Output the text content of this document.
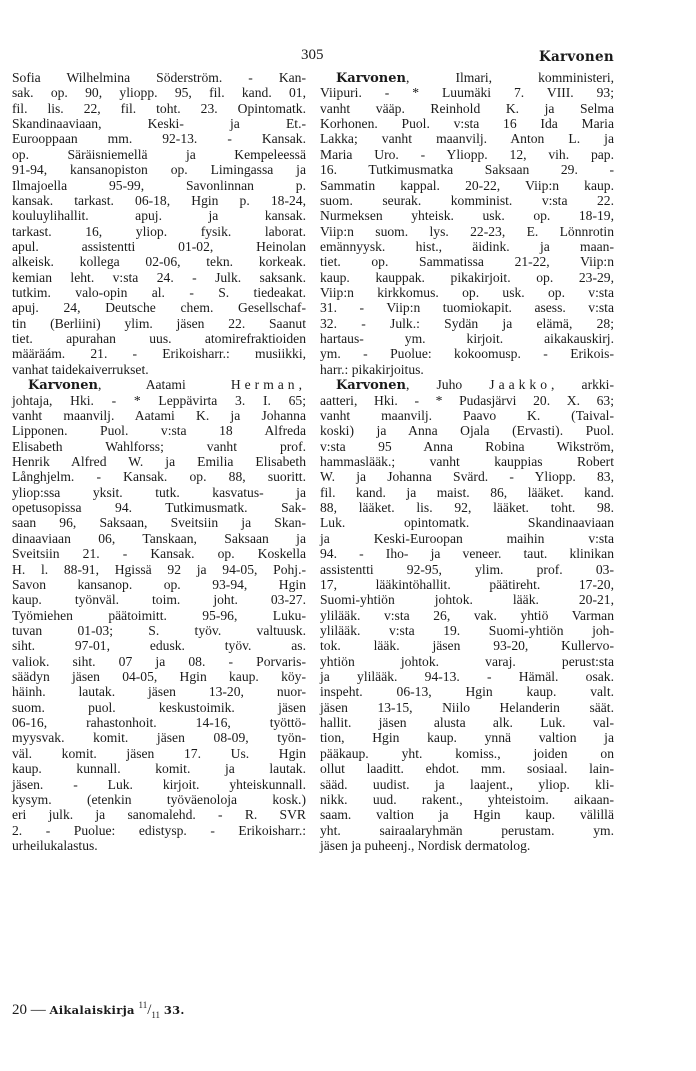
305	Karvonen
Sofia Wilhelmina Söderström. - Kan-
sak. op. 90, yliopp. 95, fil. kand. 01,
fil. lis. 22, fil. toht. 23. Opintomatk.
Skandinaaviaan, Keski- ja Et.-
Eurooppaan mm. 92-13. - Kansak.
op. Säräisniemellä ja Kempeleessä
91-94, kansanopiston op. Limingassa ja
Ilmajoella 95-99, Savonlinnan p.
kansak. tarkast. 06-18, Hgin p. 18-24,
kouluylihallit. apuj. ja kansak.
tarkast. 16, yliop. fysik. laborat.
apul. assistentti 01-02, Heinolan
alkeisk. kollega 02-06, tekn. korkeak.
kemian leht. v:sta 24. - Julk. saksank.
tutkim. valo-opin al. - S. tiedeakat.
apuj. 24, Deutsche chem. Gesellschaf-
tin (Berliini) ylim. jäsen 22. Saanut
tiet. apurahan uus. atomirefraktioiden
määräám. 21. - Erikoisharr.: musiikki,
vanhat taidekaiverrukset.
Karvonen, Aatami Herman,
johtaja, Hki. - * Leppävirta 3. I. 65;
vanht maanvilj. Aatami K. ja Johanna
Lipponen. Puol. v:sta 18 Alfreda
Elisabeth Wahlforss; vanht prof.
Henrik Alfred W. ja Emilia Elisabeth
Långhjelm. - Kansak. op. 88, suoritt.
yliop:ssa yksit. tutk. kasvatus- ja
opetusopissa 94. Tutkimusmatk. Sak-
saan 96, Saksaan, Sveitsiin ja Skan-
dinaaviaan 06, Tanskaan, Saksaan ja
Sveitsiin 21. - Kansak. op. Koskella
H. l. 88-91, Hgissä 92 ja 94-05, Pohj.-
Savon kansanop. op. 93-94, Hgin
kaup. työnväl. toim. joht. 03-27.
Työmiehen päätoimitt. 95-96, Luku-
tuvan 01-03; S. työv. valtuusk.
siht. 97-01, edusk. työv. as.
valiok. siht. 07 ja 08. - Porvaris-
säädyn jäsen 04-05, Hgin kaup. köy-
häinh. lautak. jäsen 13-20, nuor-
suom. puol. keskustoimik. jäsen
06-16, rahastonhoit. 14-16, työttö-
myysvak. komit. jäsen 08-09, työn-
väl. komit. jäsen 17. Us. Hgin
kaup. kunnall. komit. ja lautak.
jäsen. - Luk. kirjoit. yhteiskunnall.
kysym. (etenkin työväenoloja kosk.)
eri julk. ja sanomalehd. - R. SVR
2. - Puolue: edistysp. - Erikoisharr.:
urheilukalastus.
Karvonen, Ilmari, komministeri,
Viipuri. - * Luumäki 7. VIII. 93;
vanht vääp. Reinhold K. ja Selma
Korhonen. Puol. v:sta 16 Ida Maria
Lakka; vanht maanvilj. Anton L. ja
Maria Uro. - Yliopp. 12, vih. pap.
16. Tutkimusmatka Saksaan 29. -
Sammatin kappal. 20-22, Viip:n kaup.
suom. seurak. komminist. v:sta 22.
Nurmeksen yhteisk. usk. op. 18-19,
Viip:n suom. lys. 22-23, E. Lönnrotin
emännyysk. hist., äidink. ja maan-
tiet. op. Sammatissa 21-22, Viip:n
kaup. kauppak. pikakirjoit. op. 23-29,
Viip:n kirkkomus. op. usk. op. v:sta
31. - Viip:n tuomiokapit. asess. v:sta
32. - Julk.: Sydän ja elämä, 28;
hartaus- ym. kirjoit. aikakauskirj.
ym. - Puolue: kokoomusp. - Erikois-
harr.: pikakirjoitus.
Karvonen, Juho Jaakko, arkki-
aatteri, Hki. - * Pudasjärvi 20. X. 63;
vanht maanvilj. Paavo K. (Taival-
koski) ja Anna Ojala (Ervasti). Puol.
v:sta 95 Anna Robina Wikström,
hammaslääk.; vanht kauppias Robert
W. ja Johanna Svärd. - Yliopp. 83,
fil. kand. ja maist. 86, lääket. kand.
88, lääket. lis. 92, lääket. toht. 98.
Luk. opintomatk. Skandinaaviaan
ja Keski-Euroopan maihin v:sta
94. - Iho- ja veneer. taut. klinikan
assistentti 92-95, ylim. prof. 03-
17, lääkintöhallit. päätireht. 17-20,
Suomi-yhtiön johtok. lääk. 20-21,
ylilääk. v:sta 26, vak. yhtiö Varman
ylilääk. v:sta 19. Suomi-yhtiön joh-
tok. lääk. jäsen 93-20, Kullervo-
yhtiön johtok. varaj. perust:sta
ja ylilääk. 94-13. - Hämäl. osak.
inspeht. 06-13, Hgin kaup. valt.
jäsen 13-15, Niilo Helanderin säät.
hallit. jäsen alusta alk. Luk. val-
tion, Hgin kaup. ynnä valtion ja
pääkaup. yht. komiss., joiden on
ollut laaditt. ehdot. mm. sosiaal. lain-
sääd. uudist. ja laajent., yliop. kli-
nikk. uud. rakent., yhteistoim. aikaan-
saam. valtion ja Hgin kaup. välillä
yht. sairaalaryhmän perustam. ym.
jäsen ja puheenj., Nordisk dermatolog.
20 — Aikalaiskirja $^{11}/_{11}$ 33.
